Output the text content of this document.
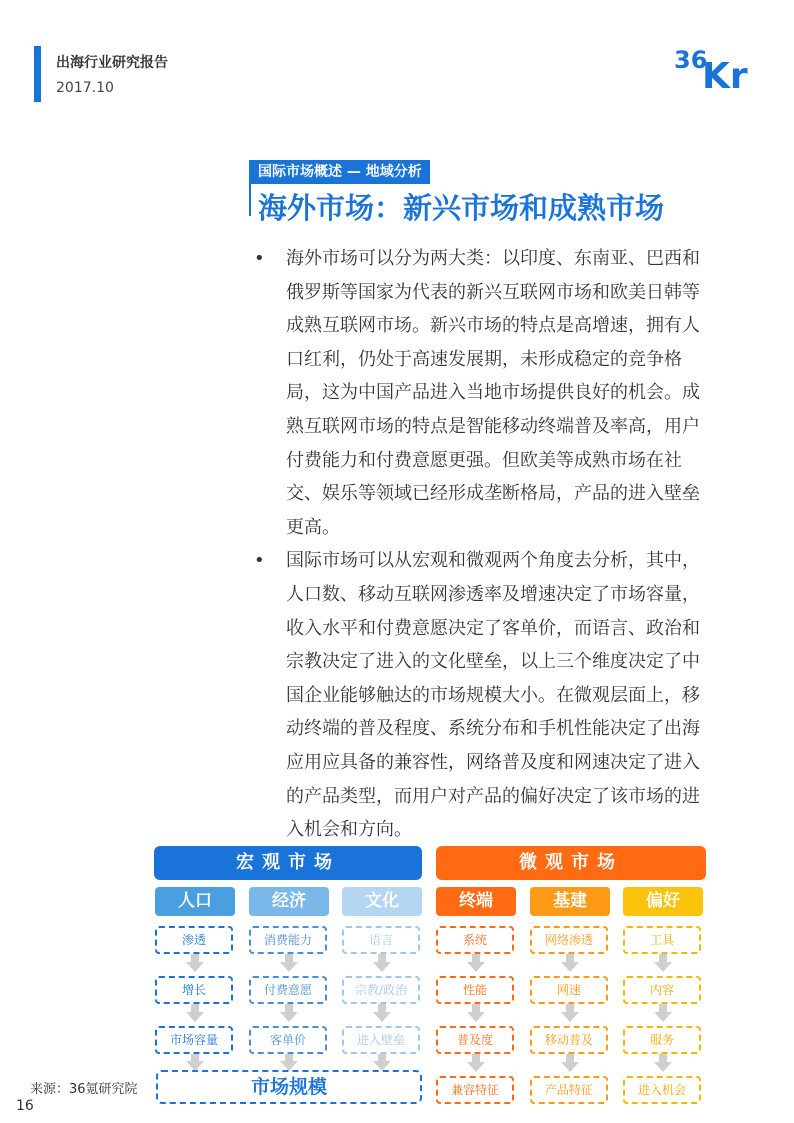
出海行业研究报告
2017.10
36
Kr
国际市场概述 — 地域分析
海外市场：新兴市场和成熟市场
• 海外市场可以分为两大类：以印度、东南亚、巴西和俄罗斯等国家为代表的新兴互联网市场和欧美日韩等成熟互联网市场。新兴市场的特点是高增速，拥有人口红利，仍处于高速发展期，未形成稳定的竞争格局，这为中国产品进入当地市场提供良好的机会。成熟互联网市场的特点是智能移动终端普及率高，用户付费能力和付费意愿更强。但欧美等成熟市场在社交、娱乐等领域已经形成垄断格局，产品的进入壁垒更高。

• 国际市场可以从宏观和微观两个角度去分析，其中，人口数、移动互联网渗透率及增速决定了市场容量，收入水平和付费意愿决定了客单价，而语言、政治和宗教决定了进入的文化壁垒，以上三个维度决定了中国企业能够触达的市场规模大小。在微观层面上，移动终端的普及程度、系统分布和手机性能决定了出海应用应具备的兼容性，网络普及度和网速决定了进入的产品类型，而用户对产品的偏好决定了该市场的进入机会和方向。

宏观市场	微观市场
人口
渗透
增长
市场容量
经济
消费能力
付费意愿
客单价
文化
语言
宗教/政治
进入壁垒
终端
系统
性能
普及度
兼容特征
基建
网络渗透
网速
移动普及
产品特征
偏好
工具
内容
服务
进入机会
市场规模
来源：36氪研究院
16
